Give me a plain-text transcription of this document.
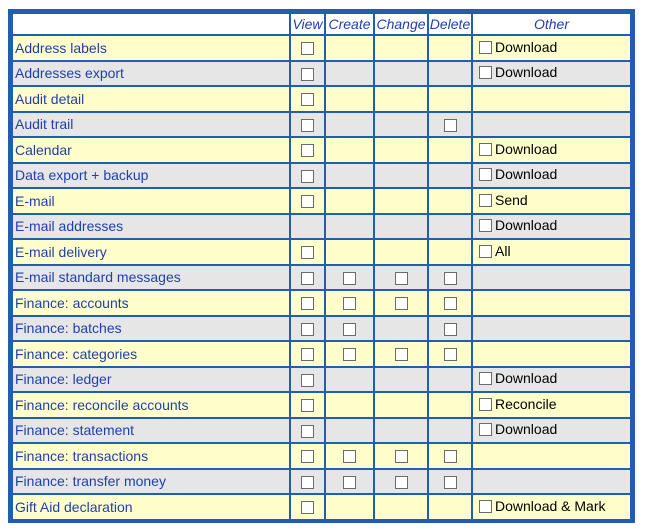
	View	Create	Change	Delete	Other
Address labels					Download

Addresses export					Download

Audit detail					
Audit trail					
Calendar					Download

Data export + backup					Download

E-mail					Send

E-mail addresses					Download

E-mail delivery					All

E-mail standard messages					
Finance: accounts					
Finance: batches					
Finance: categories					
Finance: ledger					Download

Finance: reconcile accounts					Reconcile

Finance: statement					Download

Finance: transactions					
Finance: transfer money					
Gift Aid declaration					Download & Mark
